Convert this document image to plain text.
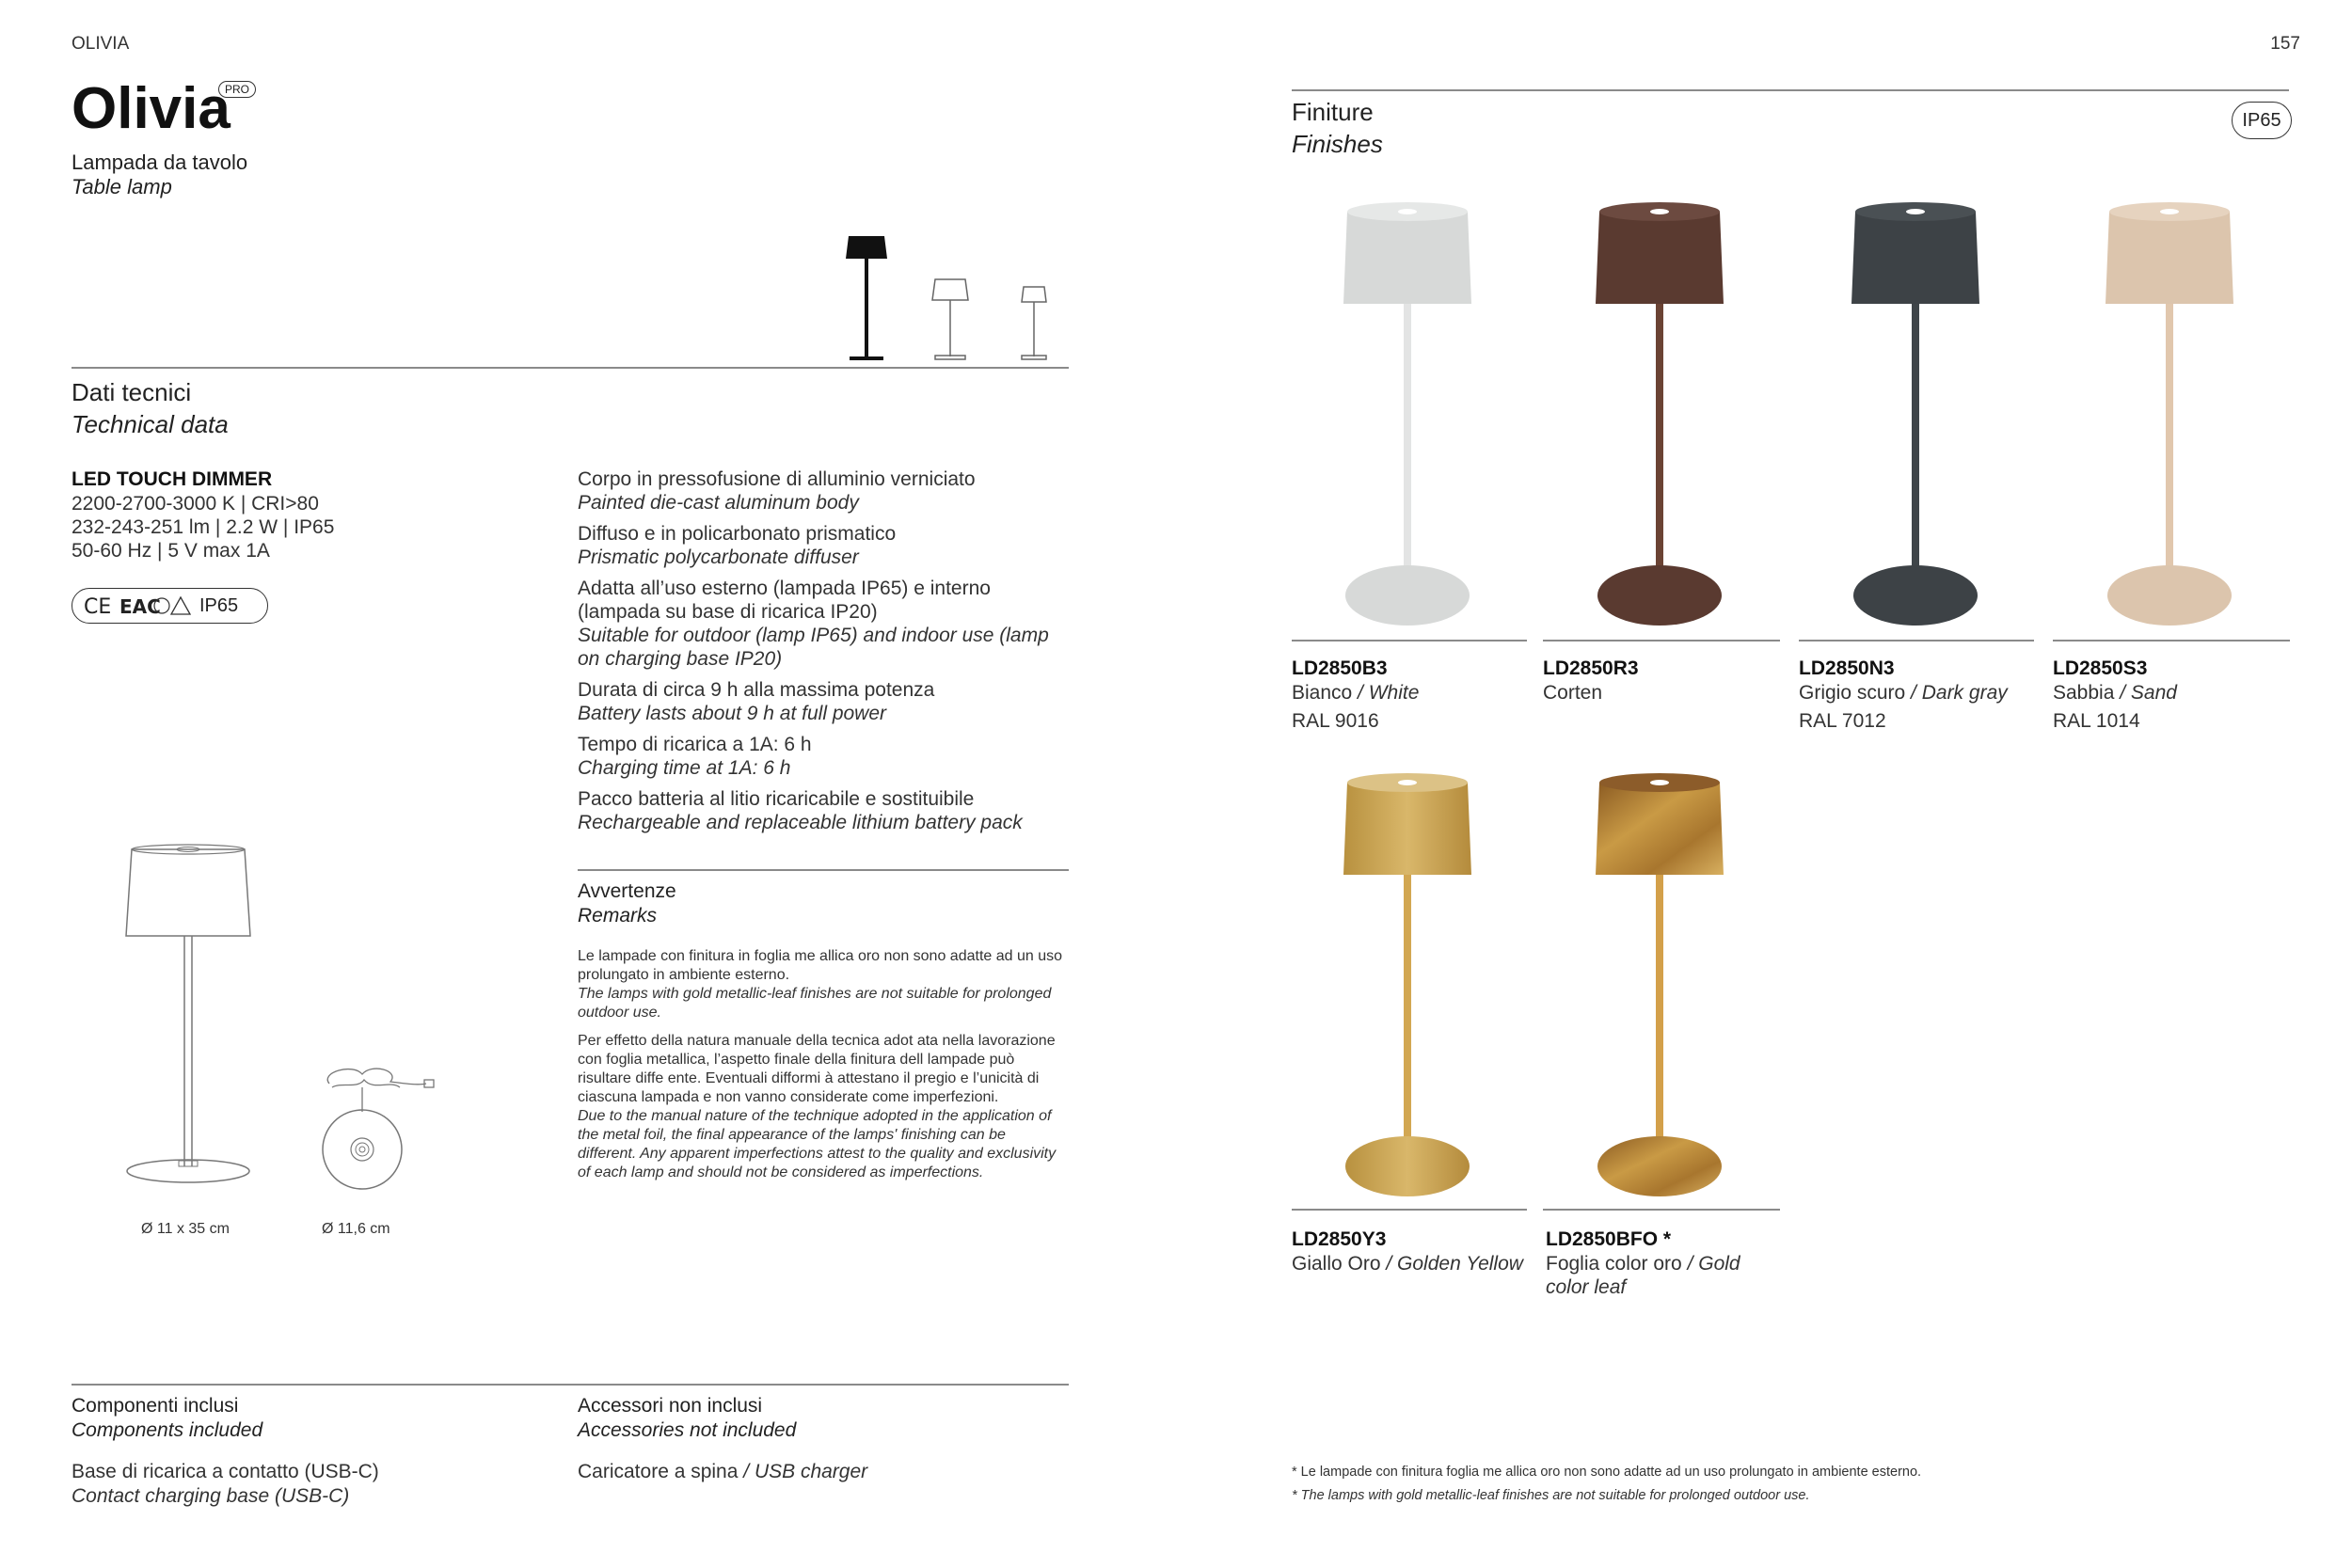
OLIVIA	157
Olivia
PRO
Lampada da tavolo
Table lamp
Dati tecnici
Technical data
LED TOUCH DIMMER
2200-2700-3000 K | CRI>80
232-243-251 lm | 2.2 W | IP65
50-60 Hz | 5 V max 1A
CE EAC IP65
Corpo in pressofusione di alluminio verniciato
Painted die-cast aluminum body
Diffuso e in policarbonato prismatico
Prismatic polycarbonate diffuser
Adatta all’uso esterno (lampada IP65) e interno (lampada su base di ricarica IP20)
Suitable for outdoor (lamp IP65) and indoor use (lamp on charging base IP20)
Durata di circa 9 h alla massima potenza
Battery lasts about 9 h at full power
Tempo di ricarica a 1A: 6 h
Charging time at 1A: 6 h
Pacco batteria al litio ricaricabile e sostituibile
Rechargeable and replaceable lithium battery pack
Avvertenze
Remarks
Le lampade con finitura in foglia me allica oro non sono adatte ad un uso prolungato in ambiente esterno.
The lamps with gold metallic-leaf finishes are not suitable for prolonged outdoor use.
Per effetto della natura manuale della tecnica adot ata nella lavorazione con foglia metallica, l’aspetto finale della finitura dell lampade può risultare diffe ente. Eventuali difformi à attestano il pregio e l’unicità di ciascuna lampada e non vanno considerate come imperfezioni.
Due to the manual nature of the technique adopted in the application of the metal foil, the final appearance of the lamps' finishing can be different. Any apparent imperfections attest to the quality and exclusivity of each lamp and should not be considered as imperfections.
Ø 11 x 35 cm	Ø 11,6 cm
Componenti inclusi
Components included
Base di ricarica a contatto (USB-C)
Contact charging base (USB-C)
Accessori non inclusi
Accessories not included
Caricatore a spina / USB charger
Finiture
Finishes
IP65
LD2850B3
Bianco / White
RAL 9016
LD2850R3
Corten
LD2850N3
Grigio scuro / Dark gray
RAL 7012
LD2850S3
Sabbia / Sand
RAL 1014
LD2850Y3
Giallo Oro / Golden Yellow
LD2850BFO *
Foglia color oro / Gold color leaf
* Le lampade con finitura foglia me allica oro non sono adatte ad un uso prolungato in ambiente esterno.
* The lamps with gold metallic-leaf finishes are not suitable for prolonged outdoor use.
